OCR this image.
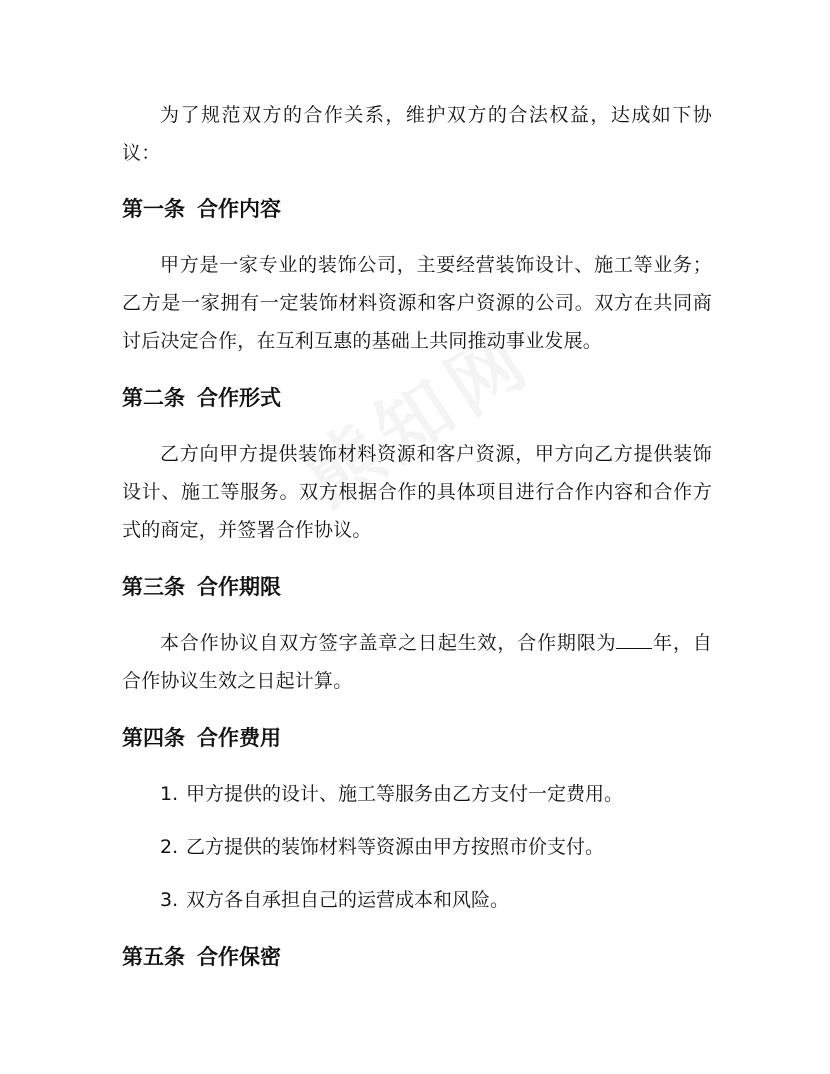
为了规范双方的合作关系，维护双方的合法权益，达成如下协议：

第一条 合作内容

甲方是一家专业的装饰公司，主要经营装饰设计、施工等业务；乙方是一家拥有一定装饰材料资源和客户资源的公司。双方在共同商讨后决定合作，在互利互惠的基础上共同推动事业发展。

第二条 合作形式

乙方向甲方提供装饰材料资源和客户资源，甲方向乙方提供装饰设计、施工等服务。双方根据合作的具体项目进行合作内容和合作方式的商定，并签署合作协议。

第三条 合作期限

本合作协议自双方签字盖章之日起生效，合作期限为 年，自合作协议生效之日起计算。

第四条 合作费用

1. 甲方提供的设计、施工等服务由乙方支付一定费用。

2. 乙方提供的装饰材料等资源由甲方按照市价支付。

3. 双方各自承担自己的运营成本和风险。

第五条 合作保密
